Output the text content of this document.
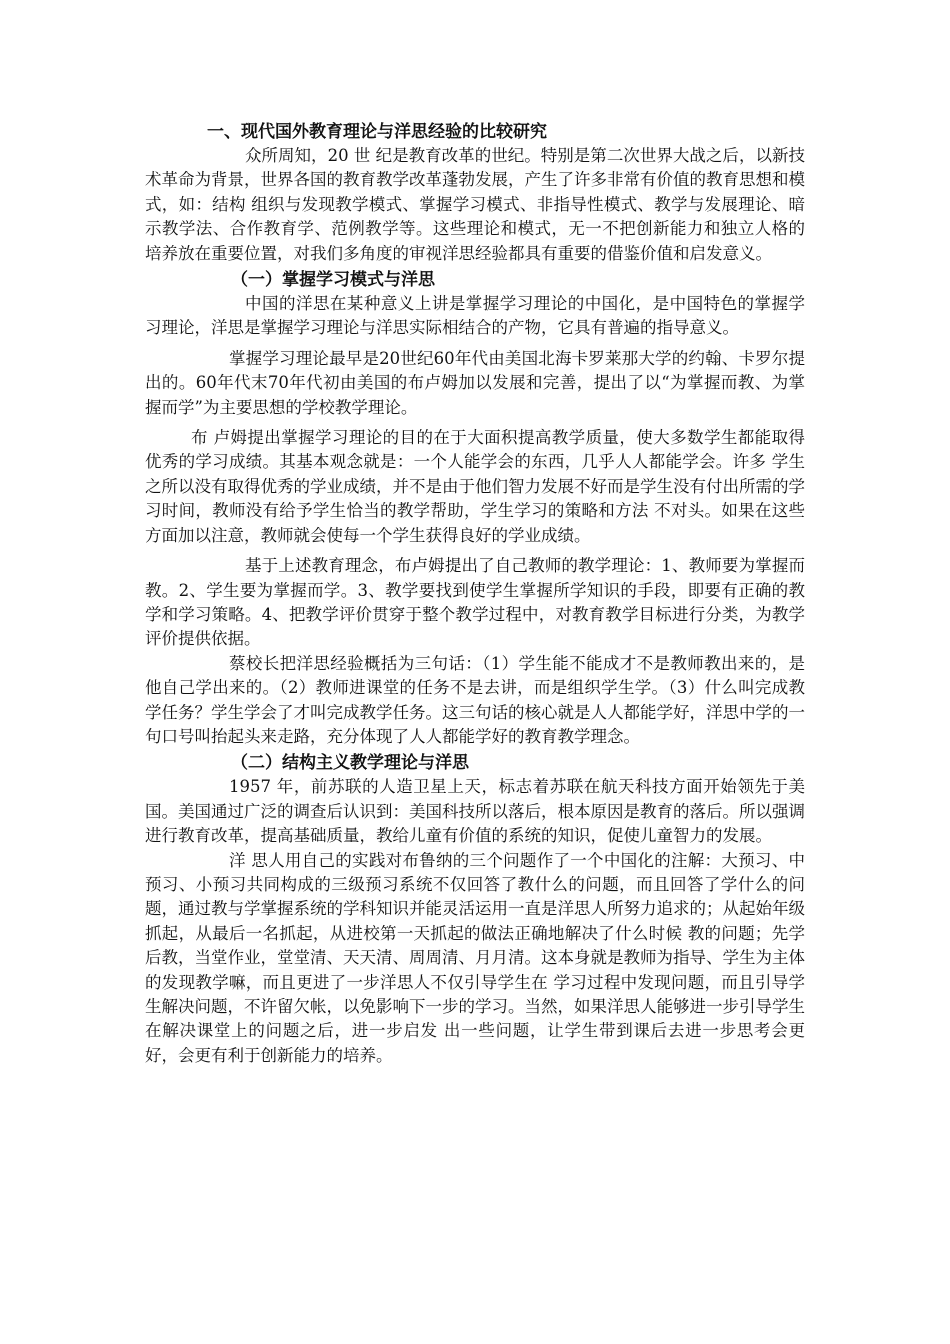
一、现代国外教育理论与洋思经验的比较研究

众所周知，20 世 纪是教育改革的世纪。特别是第二次世界大战之后，以新技术革命为背景，世界各国的教育教学改革蓬勃发展，产生了许多非常有价值的教育思想和模式，如：结构 组织与发现教学模式、掌握学习模式、非指导性模式、教学与发展理论、暗示教学法、合作教育学、范例教学等。这些理论和模式，无一不把创新能力和独立人格的 培养放在重要位置，对我们多角度的审视洋思经验都具有重要的借鉴价值和启发意义。

（一）掌握学习模式与洋思

中国的洋思在某种意义上讲是掌握学习理论的中国化，是中国特色的掌握学习理论，洋思是掌握学习理论与洋思实际相结合的产物，它具有普遍的指导意义。

掌握学习理论最早是20世纪60年代由美国北海卡罗莱那大学的约翰、卡罗尔提出的。60年代末70年代初由美国的布卢姆加以发展和完善，提出了以“为掌握而教、为掌握而学”为主要思想的学校教学理论。

布 卢姆提出掌握学习理论的目的在于大面积提高教学质量，使大多数学生都能取得优秀的学习成绩。其基本观念就是：一个人能学会的东西，几乎人人都能学会。许多 学生之所以没有取得优秀的学业成绩，并不是由于他们智力发展不好而是学生没有付出所需的学习时间，教师没有给予学生恰当的教学帮助，学生学习的策略和方法 不对头。如果在这些方面加以注意，教师就会使每一个学生获得良好的学业成绩。

基于上述教育理念，布卢姆提出了自己教师的教学理论：1、教师要为掌握而教。2、学生要为掌握而学。3、教学要找到使学生掌握所学知识的手段，即要有正确的教学和学习策略。4、把教学评价贯穿于整个教学过程中，对教育教学目标进行分类，为教学评价提供依据。

蔡校长把洋思经验概括为三句话：（1）学生能不能成才不是教师教出来的，是他自己学出来的。（2）教师进课堂的任务不是去讲，而是组织学生学。（3）什么叫完成教学任务？学生学会了才叫完成教学任务。这三句话的核心就是人人都能学好，洋思中学的一句口号叫抬起头来走路，充分体现了人人都能学好的教育教学理念。

（二）结构主义教学理论与洋思

1957 年，前苏联的人造卫星上天，标志着苏联在航天科技方面开始领先于美国。美国通过广泛的调查后认识到：美国科技所以落后，根本原因是教育的落后。所以强调进行教育改革，提高基础质量，教给儿童有价值的系统的知识，促使儿童智力的发展。

洋 思人用自己的实践对布鲁纳的三个问题作了一个中国化的注解：大预习、中预习、小预习共同构成的三级预习系统不仅回答了教什么的问题，而且回答了学什么的问 题，通过教与学掌握系统的学科知识并能灵活运用一直是洋思人所努力追求的；从起始年级抓起，从最后一名抓起，从进校第一天抓起的做法正确地解决了什么时候 教的问题；先学后教，当堂作业，堂堂清、天天清、周周清、月月清。这本身就是教师为指导、学生为主体的发现教学嘛，而且更进了一步洋思人不仅引导学生在 学习过程中发现问题，而且引导学生解决问题，不许留欠帐，以免影响下一步的学习。当然，如果洋思人能够进一步引导学生在解决课堂上的问题之后，进一步启发 出一些问题，让学生带到课后去进一步思考会更好，会更有利于创新能力的培养。
